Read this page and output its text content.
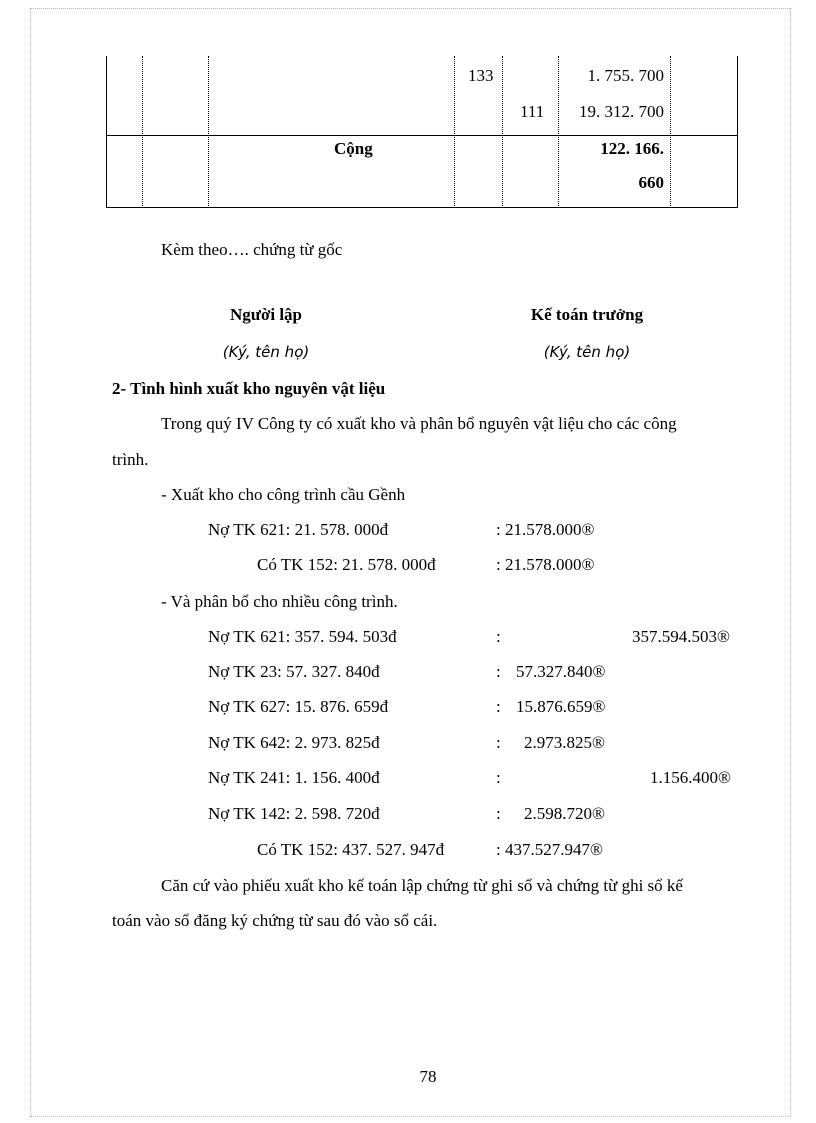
133	1. 755. 700
111	19. 312. 700
Cộng	122. 166.
660
Kèm theo…. chứng từ gốc
Người lập
(Ký, tên họ)
Kế toán trưởng
(Ký, tên họ)
2- Tình hình xuất kho nguyên vật liệu
Trong quý IV Công ty có xuất kho và phân bổ nguyên vật liệu cho các công
trình.
- Xuất kho cho công trình cầu Gềnh
Nợ TK 621: 21. 578. 000đ	: 21.578.000®
Có TK 152: 21. 578. 000đ	: 21.578.000®
- Và phân bổ cho nhiều công trình.
Nợ TK 621: 357. 594. 503đ	:	357.594.503®
Nợ TK 23: 57. 327. 840đ	: 57.327.840®
Nợ TK 627: 15. 876. 659đ	: 15.876.659®
Nợ TK 642: 2. 973. 825đ	: 2.973.825®
Nợ TK 241: 1. 156. 400đ	:	1.156.400®
Nợ TK 142: 2. 598. 720đ	: 2.598.720®
Có TK 152: 437. 527. 947đ	: 437.527.947®
Căn cứ vào phiếu xuất kho kế toán lập chứng từ ghi sổ và chứng từ ghi sổ kế
toán vào sổ đăng ký chứng từ sau đó vào sổ cái.
78
